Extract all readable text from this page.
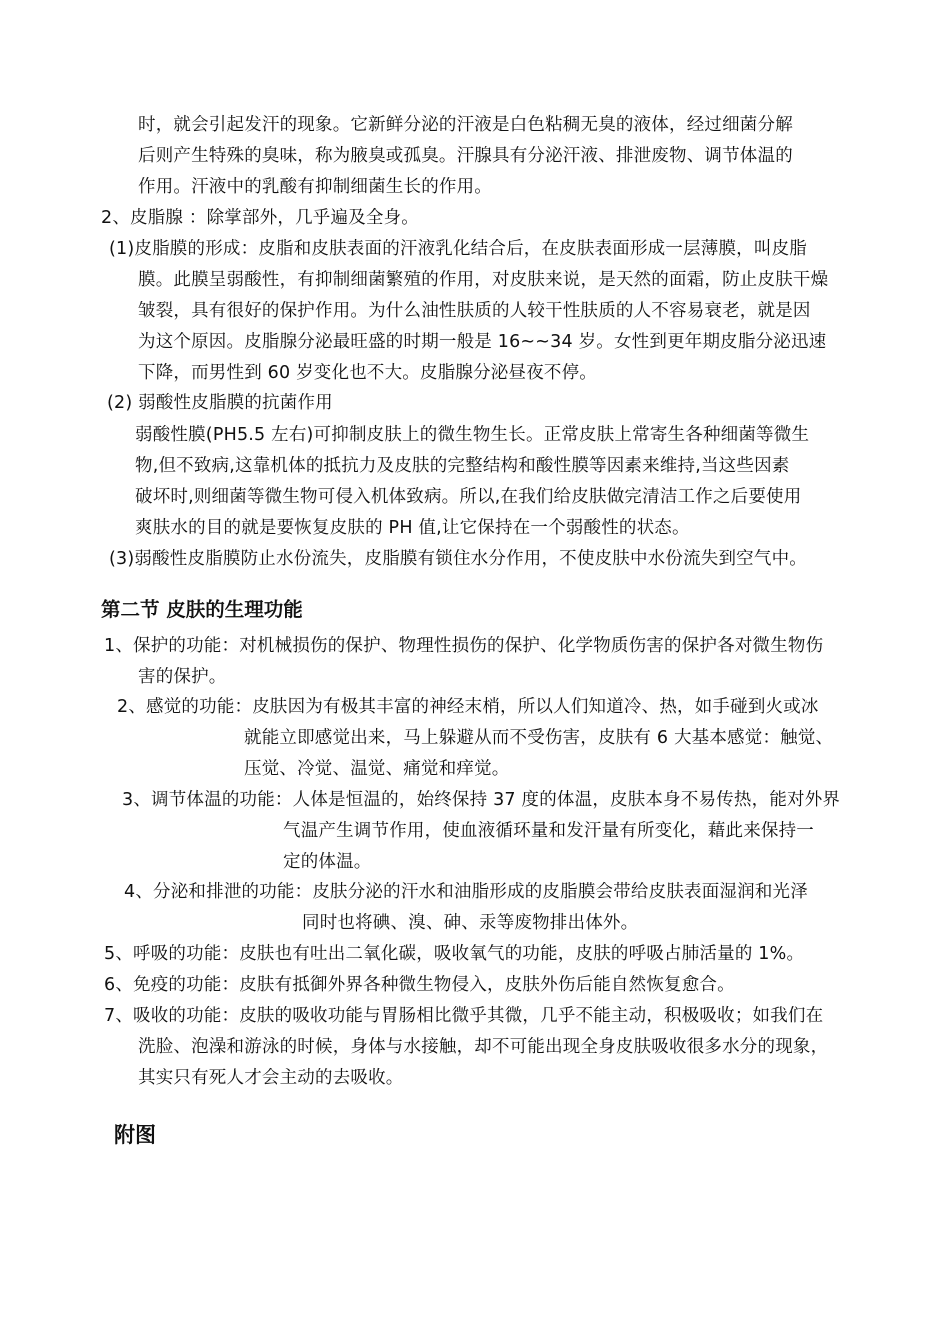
时，就会引起发汗的现象。它新鲜分泌的汗液是白色粘稠无臭的液体，经过细菌分解
后则产生特殊的臭味，称为腋臭或孤臭。汗腺具有分泌汗液、排泄废物、调节体温的
作用。汗液中的乳酸有抑制细菌生长的作用。
2、皮脂腺 ：除掌部外，几乎遍及全身。
(1)皮脂膜的形成：皮脂和皮肤表面的汗液乳化结合后，在皮肤表面形成一层薄膜，叫皮脂
膜。此膜呈弱酸性，有抑制细菌繁殖的作用，对皮肤来说，是天然的面霜，防止皮肤干燥
皱裂，具有很好的保护作用。为什么油性肤质的人较干性肤质的人不容易衰老，就是因
为这个原因。皮脂腺分泌最旺盛的时期一般是 16~~34 岁。女性到更年期皮脂分泌迅速
下降，而男性到 60 岁变化也不大。皮脂腺分泌昼夜不停。
(2) 弱酸性皮脂膜的抗菌作用
弱酸性膜(PH5.5 左右)可抑制皮肤上的微生物生长。正常皮肤上常寄生各种细菌等微生
物,但不致病,这靠机体的抵抗力及皮肤的完整结构和酸性膜等因素来维持,当这些因素
破坏时,则细菌等微生物可侵入机体致病。所以,在我们给皮肤做完清洁工作之后要使用
爽肤水的目的就是要恢复皮肤的 PH 值,让它保持在一个弱酸性的状态。
(3)弱酸性皮脂膜防止水份流失，皮脂膜有锁住水分作用，不使皮肤中水份流失到空气中。
第二节 皮肤的生理功能
1、保护的功能：对机械损伤的保护、物理性损伤的保护、化学物质伤害的保护各对微生物伤
害的保护。
2、感觉的功能：皮肤因为有极其丰富的神经末梢，所以人们知道冷、热，如手碰到火或冰
就能立即感觉出来，马上躲避从而不受伤害，皮肤有 6 大基本感觉：触觉、
压觉、冷觉、温觉、痛觉和痒觉。
3、调节体温的功能：人体是恒温的，始终保持 37 度的体温，皮肤本身不易传热，能对外界
气温产生调节作用，使血液循环量和发汗量有所变化，藉此来保持一
定的体温。
4、分泌和排泄的功能：皮肤分泌的汗水和油脂形成的皮脂膜会带给皮肤表面湿润和光泽
同时也将碘、溴、砷、汞等废物排出体外。
5、呼吸的功能：皮肤也有吐出二氧化碳，吸收氧气的功能，皮肤的呼吸占肺活量的 1%。
6、免疫的功能：皮肤有抵御外界各种微生物侵入，皮肤外伤后能自然恢复愈合。
7、吸收的功能：皮肤的吸收功能与胃肠相比微乎其微，几乎不能主动，积极吸收；如我们在
洗脸、泡澡和游泳的时候，身体与水接触，却不可能出现全身皮肤吸收很多水分的现象，
其实只有死人才会主动的去吸收。
附图
